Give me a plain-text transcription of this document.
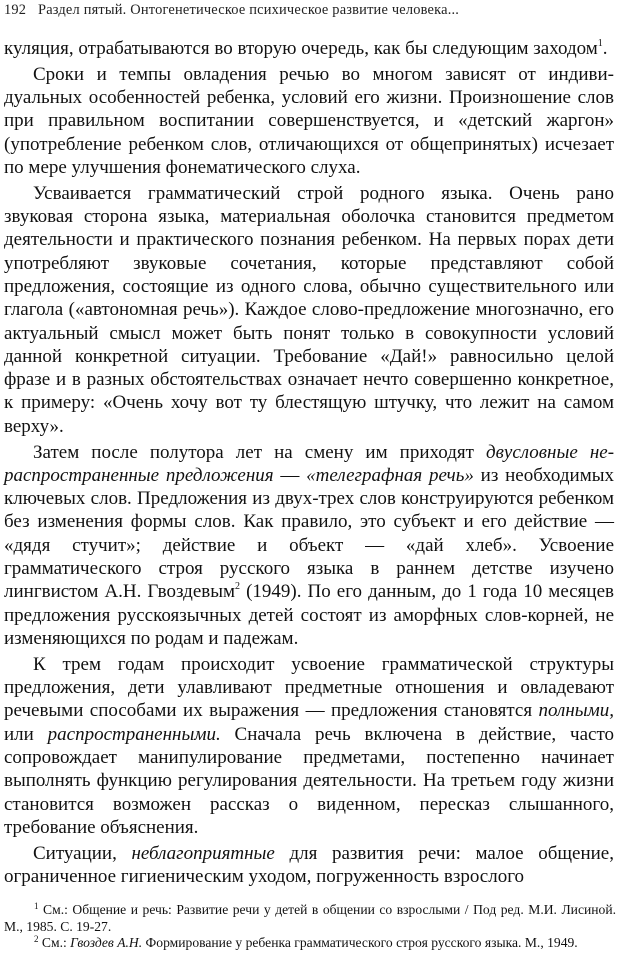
192 Раздел пятый. Онтогенетическое психическое развитие человека...

куляция, отрабатываются во вторую очередь, как бы следующим заходом$^1$.

Сроки и темпы овладения речью во многом зависят от индивидуальных особенностей ребенка, условий его жизни. Произношение слов при правильном воспитании совершенствуется, и «детский жаргон» (употребление ребенком слов, отличающихся от общепринятых) исчезает по мере улучшения фонематического слуха.

Усваивается грамматический строй родного языка. Очень рано звуковая сторона языка, материальная оболочка становится предметом деятельности и практического познания ребенком. На первых порах дети употребляют звуковые сочетания, которые представляют собой предложения, состоящие из одного слова, обычно существительного или глагола («автономная речь»). Каждое слово-предложение многозначно, его актуальный смысл может быть понят только в совокупности условий данной конкретной ситуации. Требование «Дай!» равносильно целой фразе и в разных обстоятельствах означает нечто совершенно конкретное, к примеру: «Очень хочу вот ту блестящую штучку, что лежит на самом верху».

Затем после полутора лет на смену им приходят двусловные нераспространенные предложения — «телеграфная речь» из необходимых ключевых слов. Предложения из двух-трех слов конструируются ребенком без изменения формы слов. Как правило, это субъект и его действие — «дядя стучит»; действие и объект — «дай хлеб». Усвоение грамматического строя русского языка в раннем детстве изучено лингвистом А.Н. Гвоздевым$^2$ (1949). По его данным, до 1 года 10 месяцев предложения русскоязычных детей состоят из аморфных слов-корней, не изменяющихся по родам и падежам.

К трем годам происходит усвоение грамматической структуры предложения, дети улавливают предметные отношения и овладевают речевыми способами их выражения — предложения становятся полными, или распространенными. Сначала речь включена в действие, часто сопровождает манипулирование предметами, постепенно начинает выполнять функцию регулирования деятельности. На третьем году жизни становится возможен рассказ о виденном, пересказ слышанного, требование объяснения.

Ситуации, неблагоприятные для развития речи: малое общение, ограниченное гигиеническим уходом, погруженность взрослого

$^1$ См.: Общение и речь: Развитие речи у детей в общении со взрослыми / Под ред. М.И. Лисиной. М., 1985. С. 19-27.

$^2$ См.: Гвоздев А.Н. Формирование у ребенка грамматического строя русского языка. М., 1949.
